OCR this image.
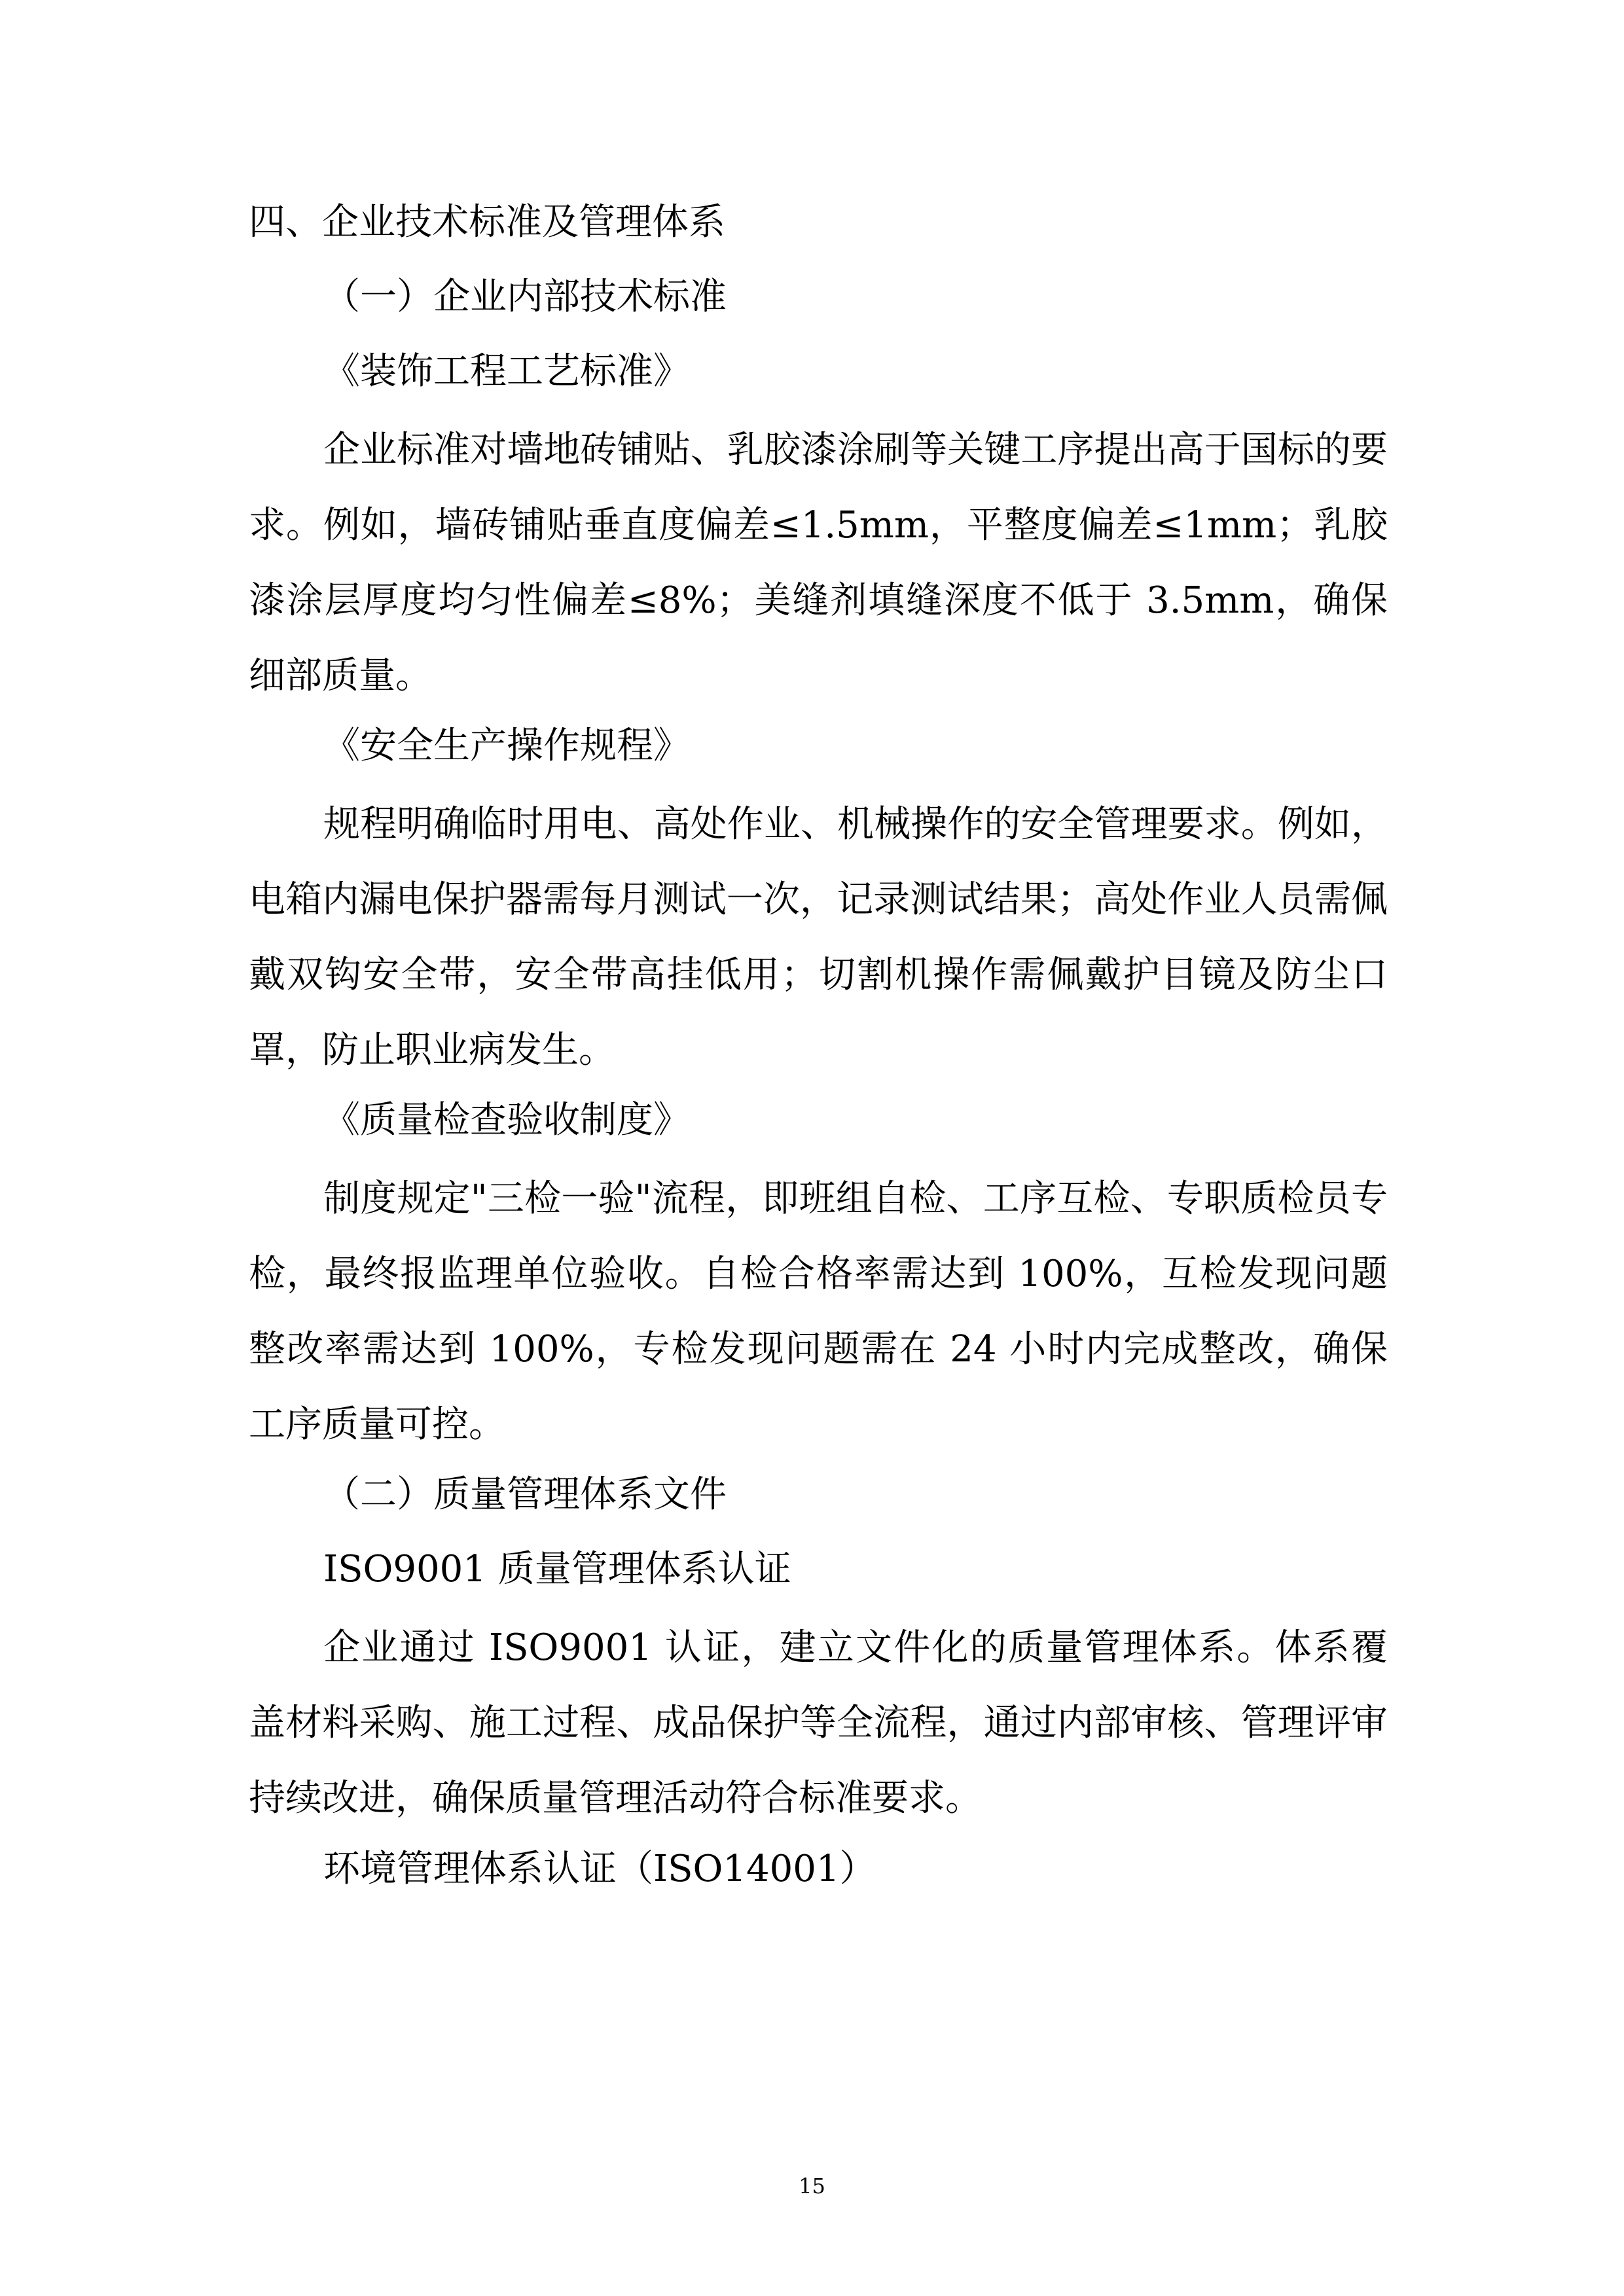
四、企业技术标准及管理体系

（一）企业内部技术标准

《装饰工程工艺标准》

企业标准对墙地砖铺贴、乳胶漆涂刷等关键工序提出高于国标的要求。例如，墙砖铺贴垂直度偏差≤1.5mm，平整度偏差≤1mm；乳胶漆涂层厚度均匀性偏差≤8%；美缝剂填缝深度不低于 3.5mm，确保细部质量。

《安全生产操作规程》

规程明确临时用电、高处作业、机械操作的安全管理要求。例如，电箱内漏电保护器需每月测试一次，记录测试结果；高处作业人员需佩戴双钩安全带，安全带高挂低用；切割机操作需佩戴护目镜及防尘口罩，防止职业病发生。

《质量检查验收制度》

制度规定"三检一验"流程，即班组自检、工序互检、专职质检员专检，最终报监理单位验收。自检合格率需达到 100%，互检发现问题整改率需达到 100%，专检发现问题需在 24 小时内完成整改，确保工序质量可控。

（二）质量管理体系文件

ISO9001 质量管理体系认证

企业通过 ISO9001 认证，建立文件化的质量管理体系。体系覆盖材料采购、施工过程、成品保护等全流程，通过内部审核、管理评审持续改进，确保质量管理活动符合标准要求。

环境管理体系认证（ISO14001）

15
